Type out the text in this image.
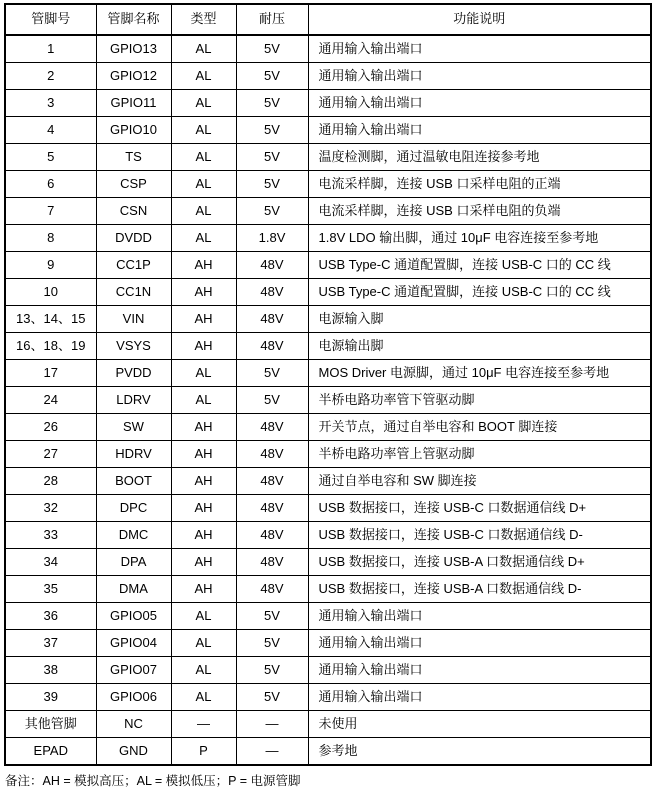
管脚号	管脚名称	类型	耐压	功能说明
1	GPIO13	AL	5V	通用输入输出端口
2	GPIO12	AL	5V	通用输入输出端口
3	GPIO11	AL	5V	通用输入输出端口
4	GPIO10	AL	5V	通用输入输出端口
5	TS	AL	5V	温度检测脚，通过温敏电阻连接参考地
6	CSP	AL	5V	电流采样脚，连接 USB 口采样电阻的正端
7	CSN	AL	5V	电流采样脚，连接 USB 口采样电阻的负端
8	DVDD	AL	1.8V	1.8V LDO 输出脚，通过 10μF 电容连接至参考地
9	CC1P	AH	48V	USB Type-C 通道配置脚，连接 USB-C 口的 CC 线
10	CC1N	AH	48V	USB Type-C 通道配置脚，连接 USB-C 口的 CC 线
13、14、15	VIN	AH	48V	电源输入脚
16、18、19	VSYS	AH	48V	电源输出脚
17	PVDD	AL	5V	MOS Driver 电源脚，通过 10μF 电容连接至参考地
24	LDRV	AL	5V	半桥电路功率管下管驱动脚
26	SW	AH	48V	开关节点，通过自举电容和 BOOT 脚连接
27	HDRV	AH	48V	半桥电路功率管上管驱动脚
28	BOOT	AH	48V	通过自举电容和 SW 脚连接
32	DPC	AH	48V	USB 数据接口，连接 USB-C 口数据通信线 D+
33	DMC	AH	48V	USB 数据接口，连接 USB-C 口数据通信线 D-
34	DPA	AH	48V	USB 数据接口，连接 USB-A 口数据通信线 D+
35	DMA	AH	48V	USB 数据接口，连接 USB-A 口数据通信线 D-
36	GPIO05	AL	5V	通用输入输出端口
37	GPIO04	AL	5V	通用输入输出端口
38	GPIO07	AL	5V	通用输入输出端口
39	GPIO06	AL	5V	通用输入输出端口
其他管脚	NC	—	—	未使用
EPAD	GND	P	—	参考地
备注：AH = 模拟高压；AL = 模拟低压；P = 电源管脚
